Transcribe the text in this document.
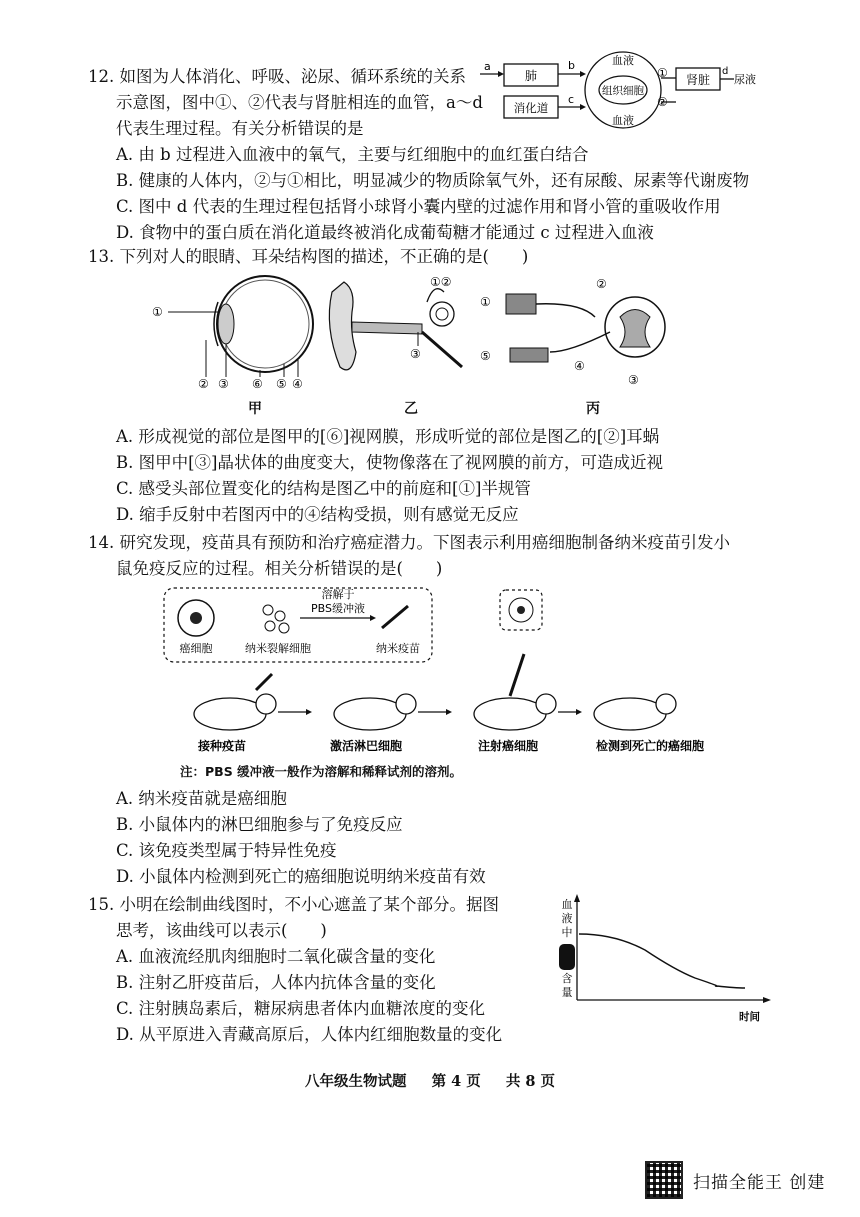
12. 如图为人体消化、呼吸、泌尿、循环系统的关系
示意图，图中①、②代表与肾脏相连的血管，a～d
代表生理过程。有关分析错误的是
A. 由 b 过程进入血液中的氧气，主要与红细胞中的血红蛋白结合
B. 健康的人体内，②与①相比，明显减少的物质除氧气外，还有尿酸、尿素等代谢废物
C. 图中 d 代表的生理过程包括肾小球肾小囊内壁的过滤作用和肾小管的重吸收作用
D. 食物中的蛋白质在消化道最终被消化成葡萄糖才能通过 c 过程进入血液
a
肺
b
消化道
c
血液
组织细胞
血液
①
②
肾脏
d
尿液
13. 下列对人的眼睛、耳朵结构图的描述，不正确的是(　　)
①
② ③ ⑥ ⑤ ④
①②
③
①
②
⑤
④
③
甲	乙	丙
A. 形成视觉的部位是图甲的[⑥]视网膜，形成听觉的部位是图乙的[②]耳蜗
B. 图甲中[③]晶状体的曲度变大，使物像落在了视网膜的前方，可造成近视
C. 感受头部位置变化的结构是图乙中的前庭和[①]半规管
D. 缩手反射中若图丙中的④结构受损，则有感觉无反应
14. 研究发现，疫苗具有预防和治疗癌症潜力。下图表示利用癌细胞制备纳米疫苗引发小
鼠免疫反应的过程。相关分析错误的是(　　)
癌细胞	纳米裂解细胞
溶解于
PBS缓冲液
纳米疫苗
接种疫苗	激活淋巴细胞	注射癌细胞	检测到死亡的癌细胞
注：PBS 缓冲液一般作为溶解和稀释试剂的溶剂。
A. 纳米疫苗就是癌细胞
B. 小鼠体内的淋巴细胞参与了免疫反应
C. 该免疫类型属于特异性免疫
D. 小鼠体内检测到死亡的癌细胞说明纳米疫苗有效
15. 小明在绘制曲线图时，不小心遮盖了某个部分。据图
思考，该曲线可以表示(　　)
A. 血液流经肌肉细胞时二氧化碳含量的变化
B. 注射乙肝疫苗后，人体内抗体含量的变化
C. 注射胰岛素后，糖尿病患者体内血糖浓度的变化
D. 从平原进入青藏高原后，人体内红细胞数量的变化
血
液
中
含
量
时间
八年级生物试题 第 4 页 共 8 页
扫描全能王 创建
